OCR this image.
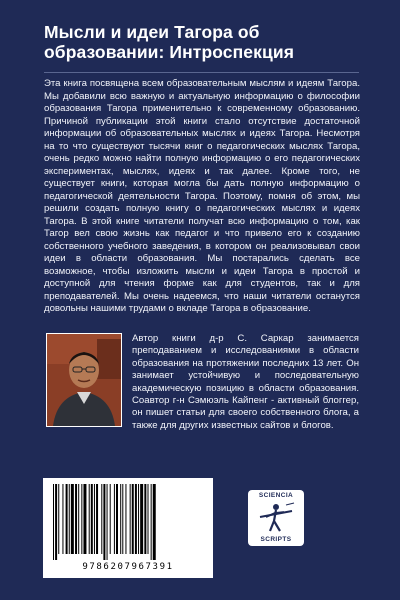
Мысли и идеи Тагора об образовании: Интроспекция
Эта книга посвящена всем образовательным мыслям и идеям Тагора. Мы добавили всю важную и актуальную информацию о философии образования Тагора применительно к современному образованию. Причиной публикации этой книги стало отсутствие достаточной информации об образовательных мыслях и идеях Тагора. Несмотря на то что существуют тысячи книг о педагогических мыслях Тагора, очень редко можно найти полную информацию о его педагогических экспериментах, мыслях, идеях и так далее. Кроме того, не существует книги, которая могла бы дать полную информацию о педагогической деятельности Тагора. Поэтому, помня об этом, мы решили создать полную книгу о педагогических мыслях и идеях Тагора. В этой книге читатели получат всю информацию о том, как Тагор вел свою жизнь как педагог и что привело его к созданию собственного учебного заведения, в котором он реализовывал свои идеи в области образования. Мы постарались сделать все возможное, чтобы изложить мысли и идеи Тагора в простой и доступной для чтения форме как для студентов, так и для преподавателей. Мы очень надеемся, что наши читатели останутся довольны нашими трудами о вкладе Тагора в образование.
Автор книги д-р С. Саркар занимается преподаванием и исследованиями в области образования на протяжении последних 13 лет. Он занимает устойчивую и последовательную академическую позицию в области образования. Соавтор г-н Сэмюэль Кайпенг - активный блоггер, он пишет статьи для своего собственного блога, а также для других известных сайтов и блогов.
9786207967391
SCIENCIA
SCRIPTS
